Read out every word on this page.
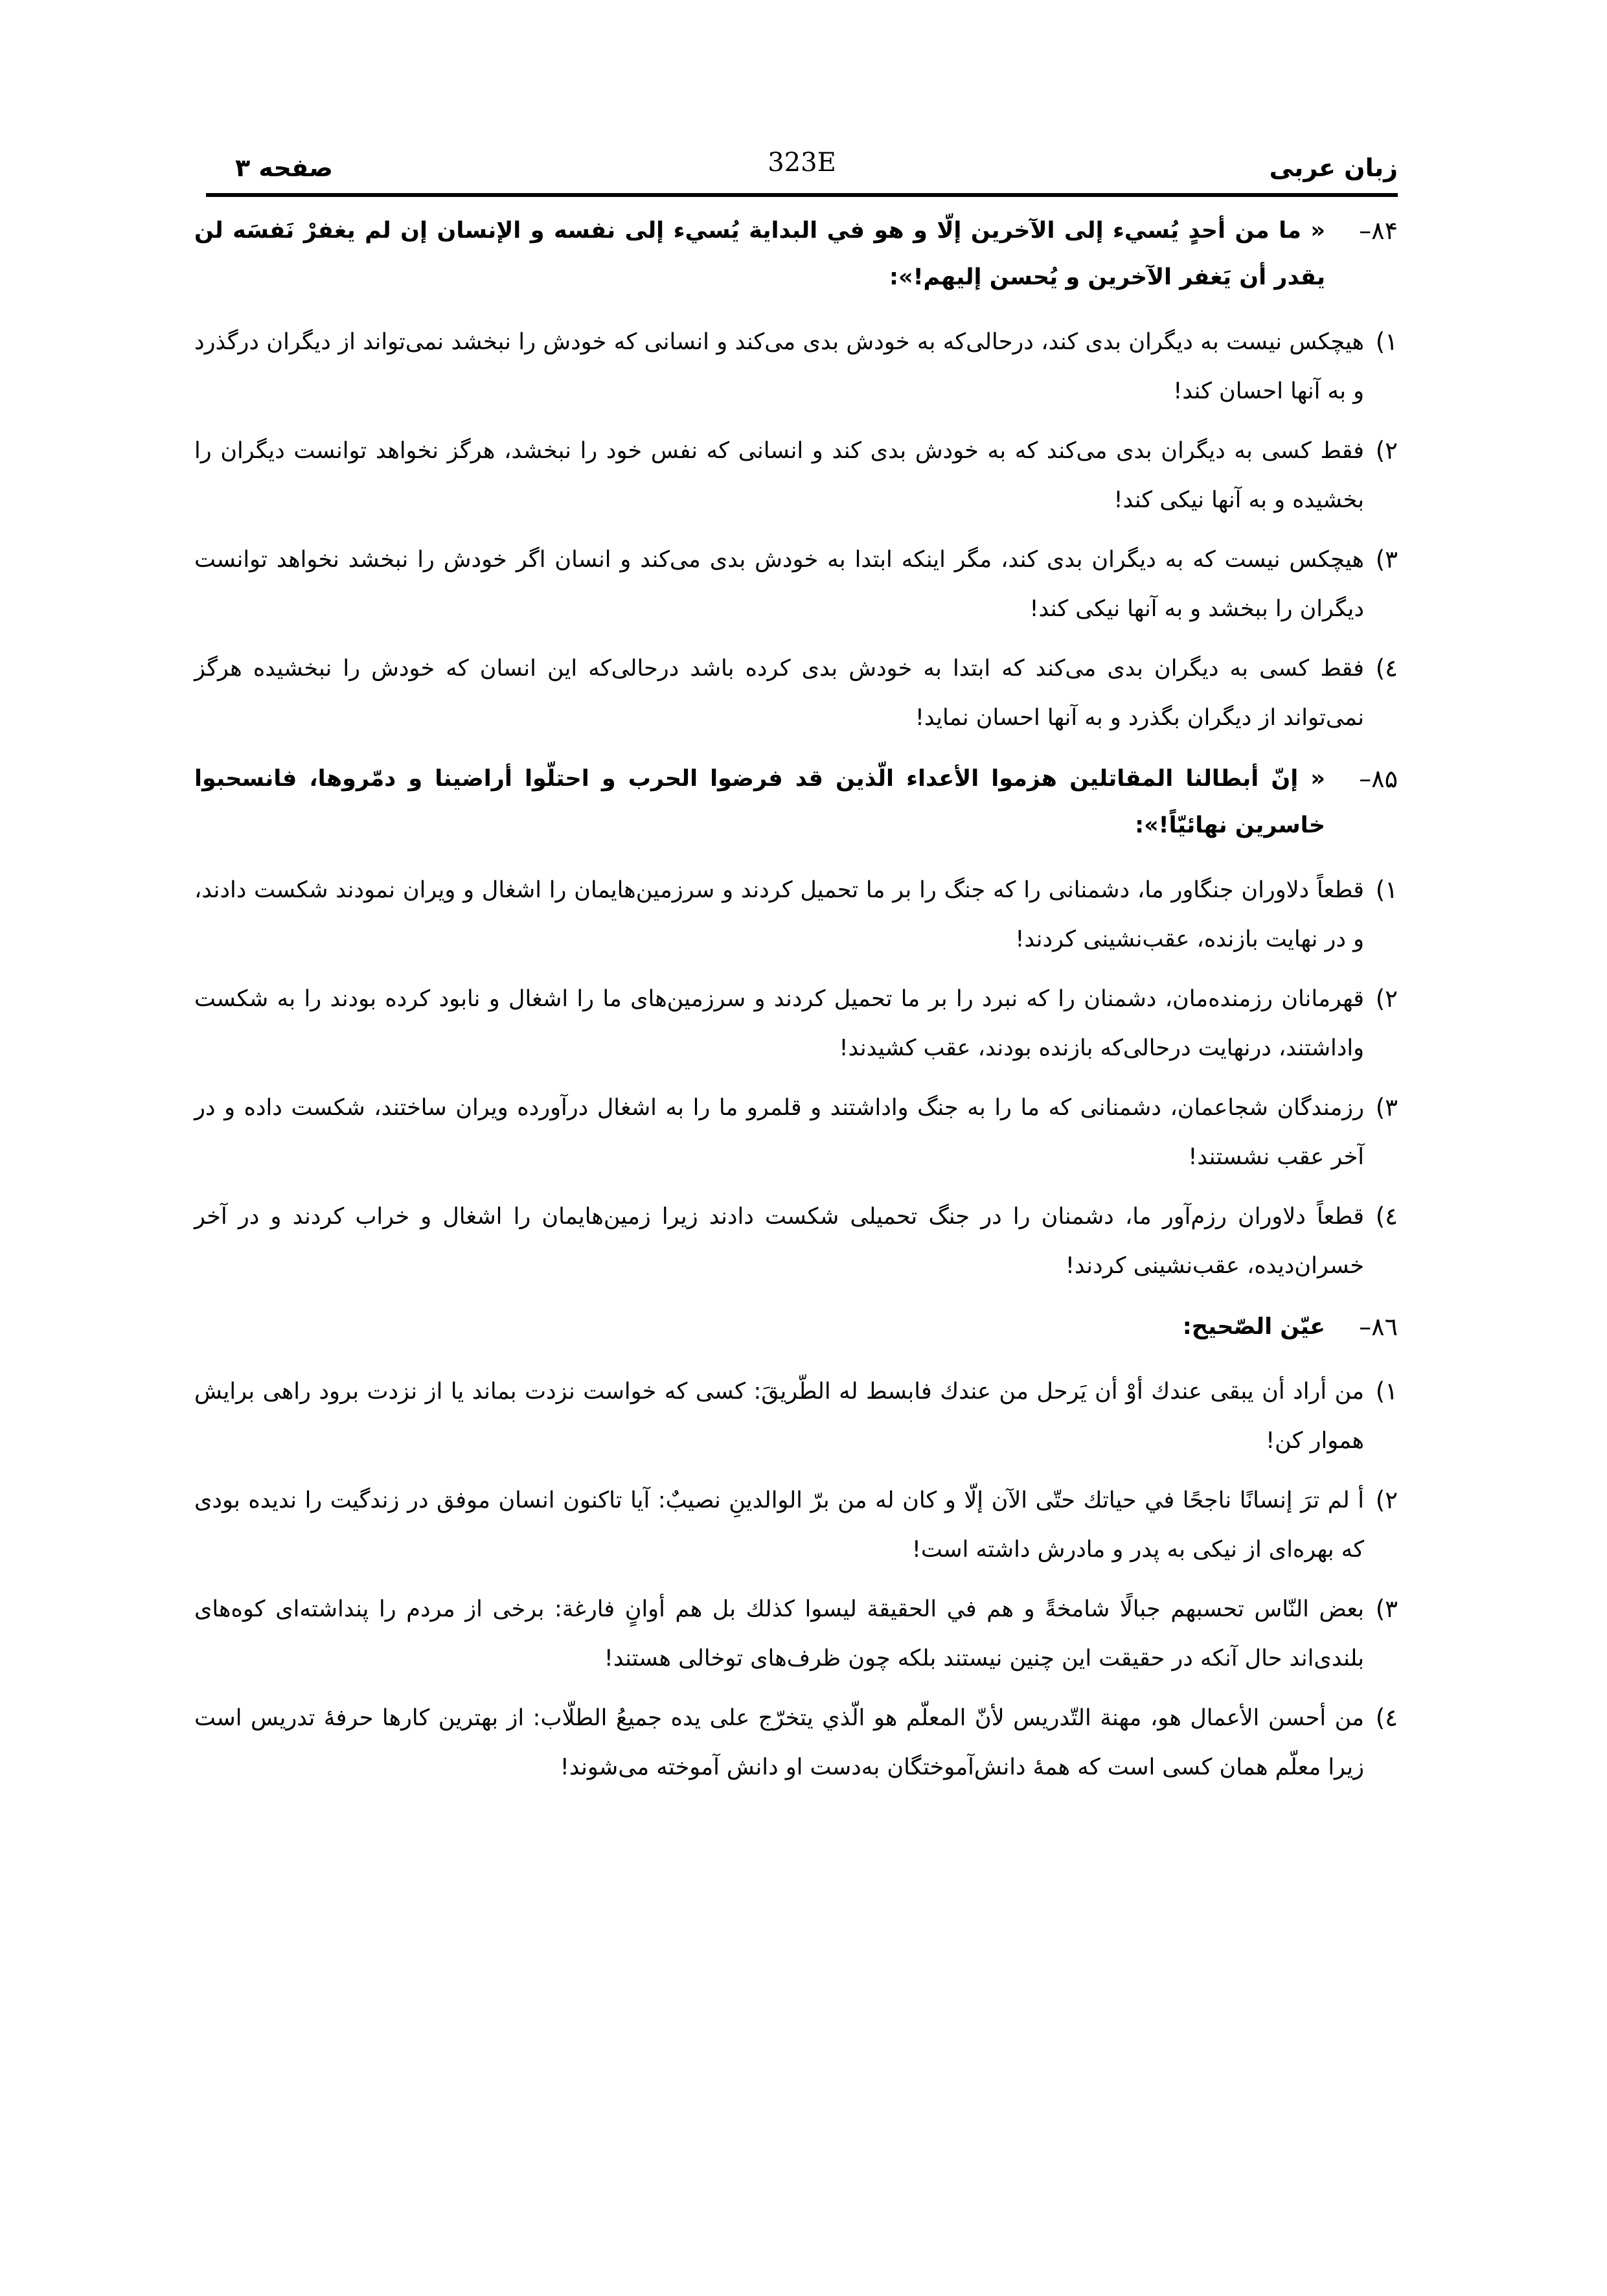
زبان عربی
323E
صفحه ۳
۸۴–
« ما من أحدٍ يُسيء إلى الآخرين إلّا و هو في البداية يُسيء إلى نفسه و الإنسان إن لم يغفرْ نَفسَه لن يقدر أن يَغفر الآخرين و يُحسن إليهم!»:
۱)
هیچکس نیست به دیگران بدی کند، درحالی‌که به خودش بدی می‌کند و انسانی که خودش را نبخشد نمی‌تواند از دیگران درگذرد و به آنها احسان کند!
۲)
فقط کسی به دیگران بدی می‌کند که به خودش بدی کند و انسانی که نفس خود را نبخشد، هرگز نخواهد توانست دیگران را بخشیده و به آنها نیکی کند!
۳)
هیچکس نیست که به دیگران بدی کند، مگر اینکه ابتدا به خودش بدی می‌کند و انسان اگر خودش را نبخشد نخواهد توانست دیگران را ببخشد و به آنها نیکی کند!
٤)
فقط کسی به دیگران بدی می‌کند که ابتدا به خودش بدی کرده باشد درحالی‌که این انسان که خودش را نبخشیده هرگز نمی‌تواند از دیگران بگذرد و به آنها احسان نماید!
۸۵–
« إنّ أبطالنا المقاتلين هزموا الأعداء الّذين قد فرضوا الحرب و احتلّوا أراضينا و دمّروها، فانسحبوا خاسرين نهائيّاً!»:
۱)
قطعاً دلاوران جنگاور ما، دشمنانی را که جنگ را بر ما تحمیل کردند و سرزمین‌هایمان را اشغال و ویران نمودند شکست دادند، و در نهایت بازنده، عقب‌نشینی کردند!
۲)
قهرمانان رزمنده‌مان، دشمنان را که نبرد را بر ما تحمیل کردند و سرزمین‌های ما را اشغال و نابود کرده بودند را به شکست واداشتند، درنهایت درحالی‌که بازنده بودند، عقب کشیدند!
۳)
رزمندگان شجاعمان، دشمنانی که ما را به جنگ واداشتند و قلمرو ما را به اشغال درآورده ویران ساختند، شکست داده و در آخر عقب نشستند!
٤)
قطعاً دلاوران رزم‌آور ما، دشمنان را در جنگ تحمیلی شکست دادند زیرا زمین‌هایمان را اشغال و خراب کردند و در آخر خسران‌دیده، عقب‌نشینی کردند!
۸٦–
عيّن الصّحيح:
۱)
من أراد أن يبقى عندك أوْ أن يَرحل من عندك فابسط له الطّريقَ: کسی که خواست نزدت بماند یا از نزدت برود راهی برایش هموار کن!
۲)
أ لم ترَ إنسانًا ناجحًا في حياتك حتّى الآن إلّا و كان له من برّ الوالدينِ نصيبٌ: آیا تاکنون انسان موفق در زندگیت را ندیده بودی که بهره‌ای از نیکی به پدر و مادرش داشته است!
۳)
بعض النّاس تحسبهم جبالًا شامخةً و هم في الحقيقة ليسوا كذلك بل هم أوانٍ فارغة: برخی از مردم را پنداشته‌ای کوه‌های بلندی‌اند حال آنکه در حقیقت این چنین نیستند بلکه چون ظرف‌های توخالی هستند!
٤)
من أحسن الأعمال هو، مهنة التّدريس لأنّ المعلّم هو الّذي يتخرّج على يده جميعُ الطلّاب: از بهترین کارها حرفهٔ تدریس است زیرا معلّم همان کسی است که همهٔ دانش‌آموختگان به‌دست او دانش آموخته می‌شوند!
